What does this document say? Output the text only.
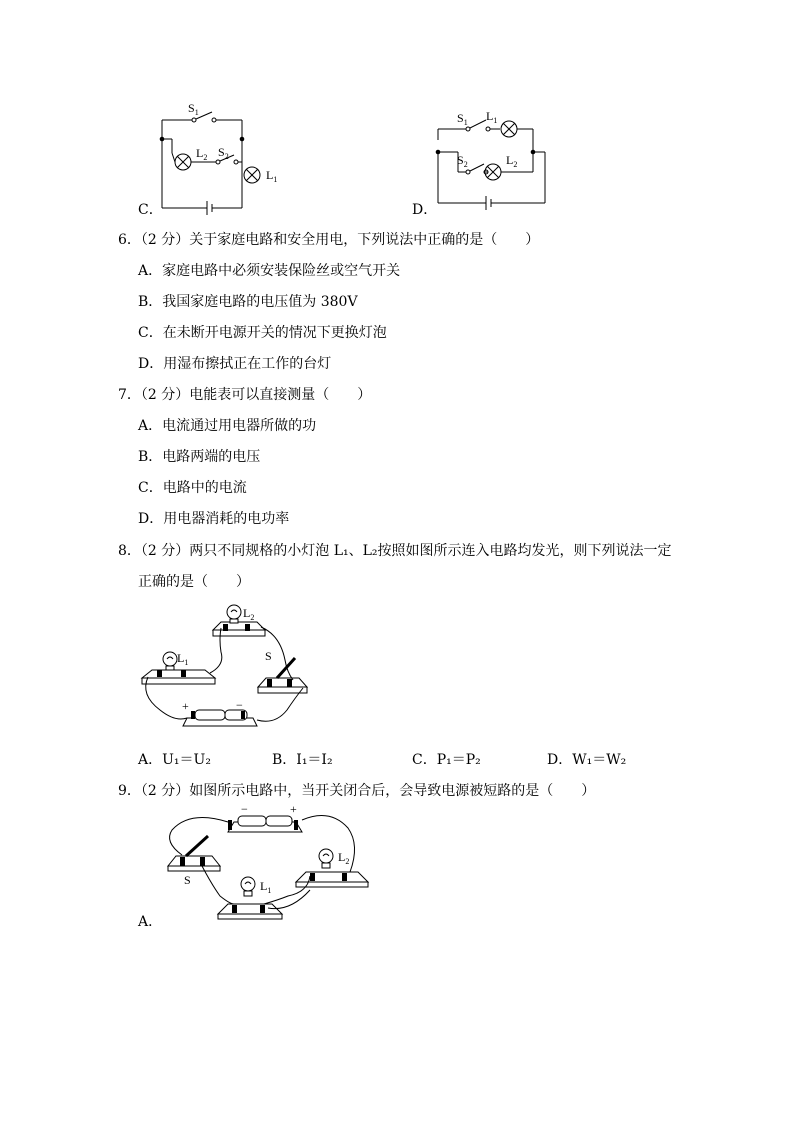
$S_1$
$L_2$ $S_2$
$L_1$
C．
$S_1$ $L_1$
$S_2$	$L_2$
D．
6．（2 分）关于家庭电路和安全用电，下列说法中正确的是（　　）
A．家庭电路中必须安装保险丝或空气开关
B．我国家庭电路的电压值为 380V
C．在未断开电源开关的情况下更换灯泡
D．用湿布擦拭正在工作的台灯
7．（2 分）电能表可以直接测量（　　）
A．电流通过用电器所做的功
B．电路两端的电压
C．电路中的电流
D．用电器消耗的电功率
8．（2 分）两只不同规格的小灯泡 L₁、L₂按照如图所示连入电路均发光，则下列说法一定
正确的是（　　）
$L_1$
$L_2$
S
+	−
A．U₁＝U₂	B．I₁＝I₂	C．P₁＝P₂	D．W₁＝W₂
9．（2 分）如图所示电路中，当开关闭合后，会导致电源被短路的是（　　）
−	+
S	$L_1$
$L_2$
A．
